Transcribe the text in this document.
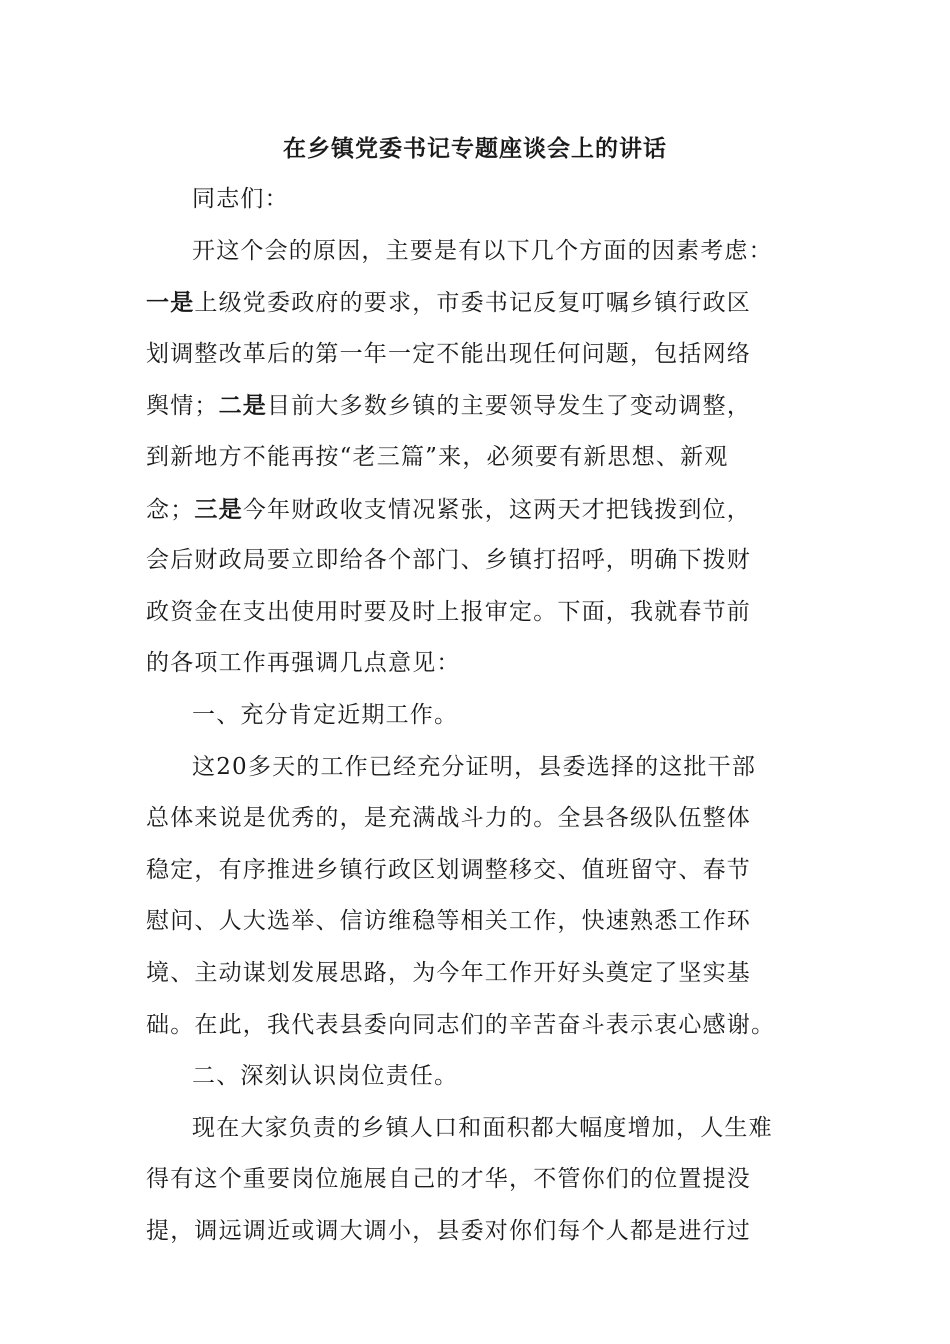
在乡镇党委书记专题座谈会上的讲话

同志们：

开这个会的原因，主要是有以下几个方面的因素考虑：

一是上级党委政府的要求，市委书记反复叮嘱乡镇行政区

划调整改革后的第一年一定不能出现任何问题，包括网络

舆情；二是目前大多数乡镇的主要领导发生了变动调整，

到新地方不能再按“老三篇”来，必须要有新思想、新观

念；三是今年财政收支情况紧张，这两天才把钱拨到位，

会后财政局要立即给各个部门、乡镇打招呼，明确下拨财

政资金在支出使用时要及时上报审定。下面，我就春节前

的各项工作再强调几点意见：

一、充分肯定近期工作。

这20多天的工作已经充分证明，县委选择的这批干部

总体来说是优秀的，是充满战斗力的。全县各级队伍整体

稳定，有序推进乡镇行政区划调整移交、值班留守、春节

慰问、人大选举、信访维稳等相关工作，快速熟悉工作环

境、主动谋划发展思路，为今年工作开好头奠定了坚实基

础。在此，我代表县委向同志们的辛苦奋斗表示衷心感谢。

二、深刻认识岗位责任。

现在大家负责的乡镇人口和面积都大幅度增加，人生难

得有这个重要岗位施展自己的才华，不管你们的位置提没

提，调远调近或调大调小，县委对你们每个人都是进行过
